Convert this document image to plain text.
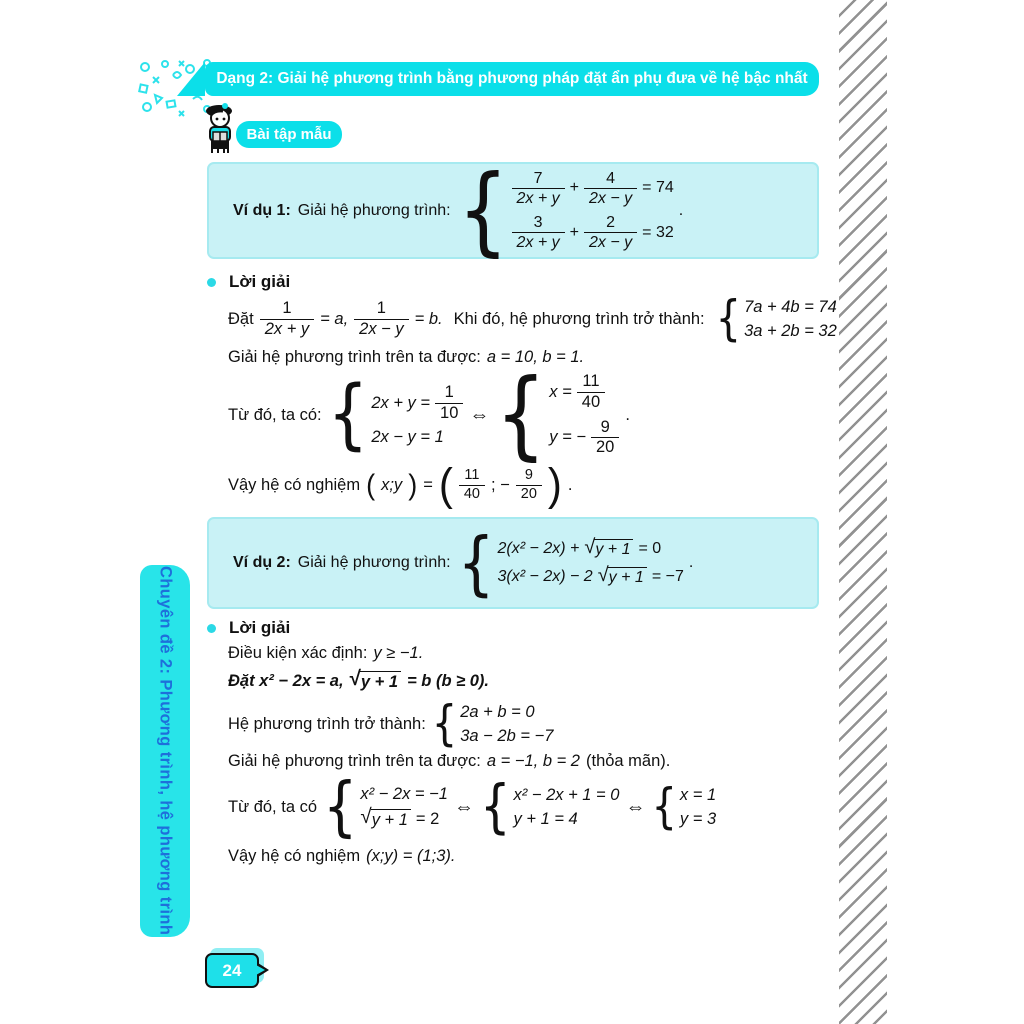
Dạng 2: Giải hệ phương trình bằng phương pháp đặt ẩn phụ đưa về hệ bậc nhất
Bài tập mẫu
Ví dụ 1: Giải hệ phương trình: { $\frac{7}{2x + y} + \frac{4}{2x - y} = 74$
$\frac{3}{2x + y} + \frac{2}{2x - y} = 32$
.
Lời giải
Đặt $\frac{1}{2x + y} = a$, $\frac{1}{2x - y} = b$. Khi đó, hệ phương trình trở thành: { 7a + 4b = 74
3a + 2b = 32
Giải hệ phương trình trên ta được: a = 10, b = 1.
Từ đó, ta có: { $2x + y = \frac{1}{10}$
2x − y = 1
⇔ { $x = \frac{11}{40}$
y = − $\frac{9}{20}$
.
Vậy hệ có nghiệm ( x;y ) = ( $\frac{11}{40}$ ; − $\frac{9}{20}$ ) .
Ví dụ 2: Giải hệ phương trình: { 2(x² − 2x) + √ y + 1 = 0
3(x² − 2x) − 2 √ y + 1 = −7
.
Lời giải
Điều kiện xác định: y ≥ −1.
Đặt x² − 2x = a, √ y + 1 = b (b ≥ 0).
Hệ phương trình trở thành: { 2a + b = 0
3a − 2b = −7
Giải hệ phương trình trên ta được: a = −1, b = 2 (thỏa mãn).
Từ đó, ta có { x² − 2x = −1
√ y + 1 = 2
⇔ { x² − 2x + 1 = 0
y + 1 = 4
⇔ { x = 1
y = 3
Vậy hệ có nghiệm (x;y) = (1;3).
Chuyên đề 2: Phương trình, hệ phương trình
24
